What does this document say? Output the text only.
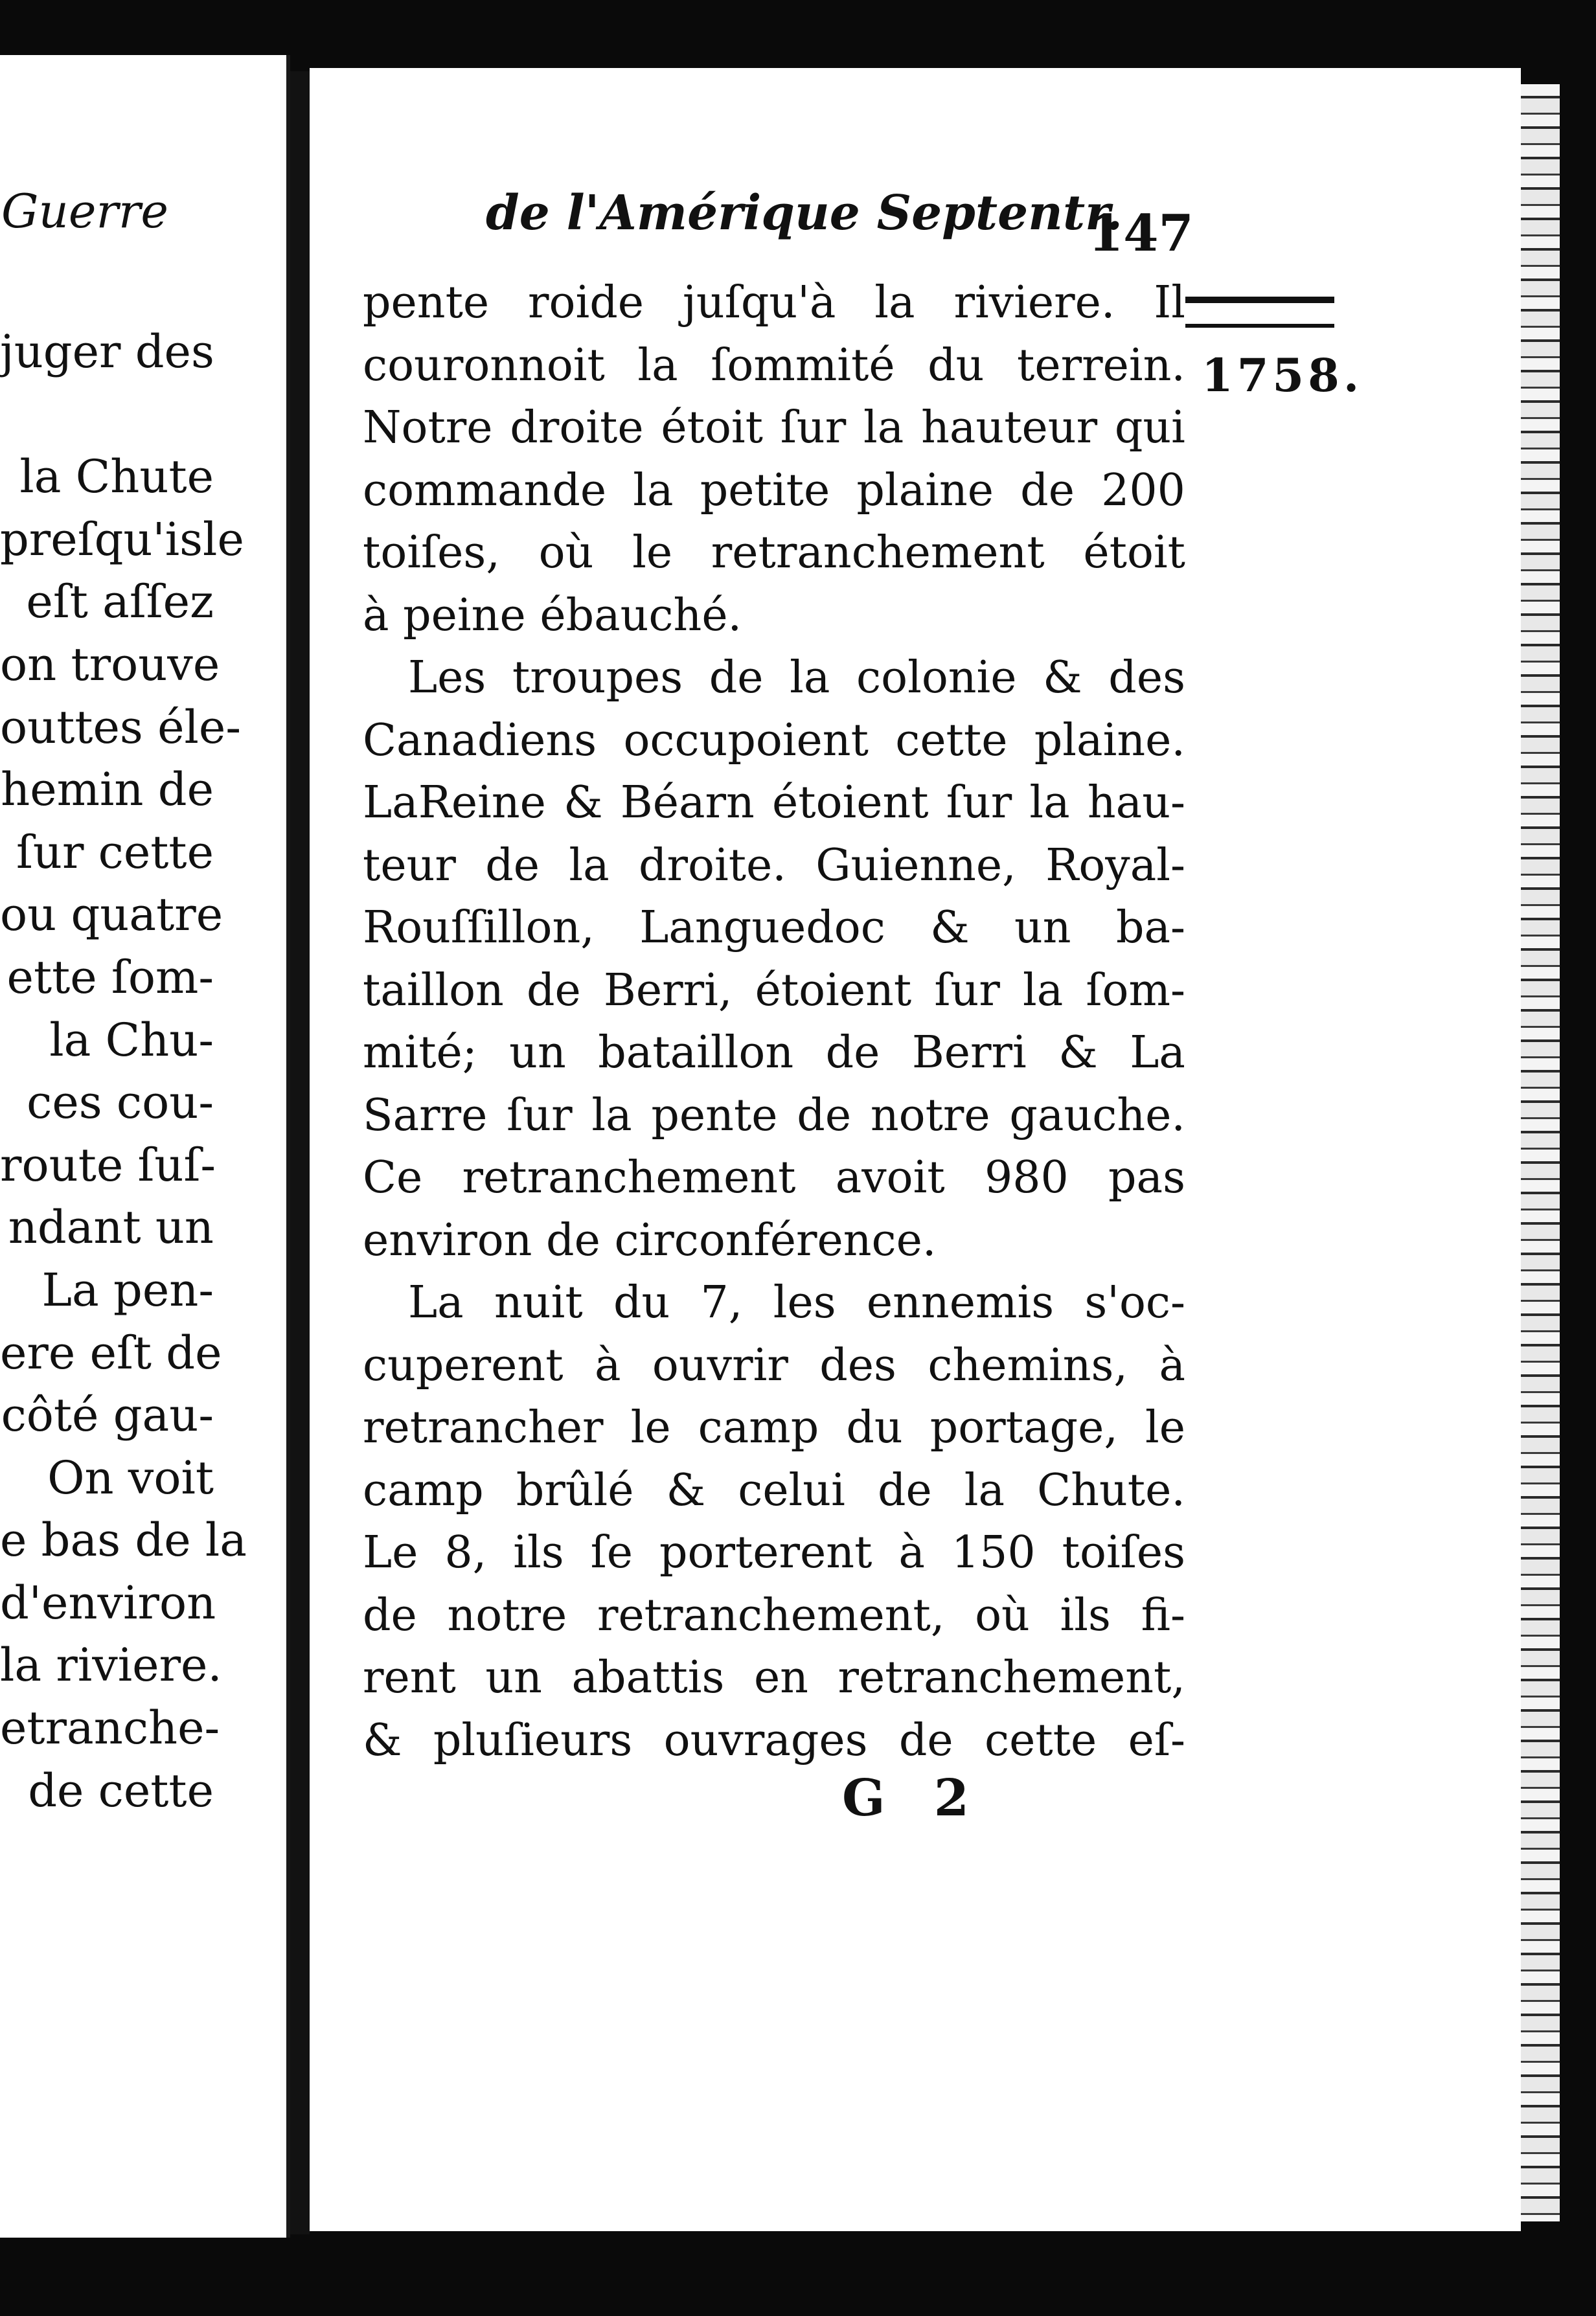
Guerre
juger des
la Chute
preſqu'isle
eſt aſſez
on trouve
outtes éle-
hemin de
ſur cette
ou quatre
ette ſom-
la Chu-
ces cou-
route ſuſ-
ndant un
La pen-
ere eſt de
côté gau-
On voit
e bas de la
d'environ
la riviere.
etranche-
de cette
de l'Amérique Septentr.
147
1758.
pente roide juſqu'à la riviere. Il
couronnoit la ſommité du terrein.
Notre droite étoit ſur la hauteur qui
commande la petite plaine de 200
toiſes, où le retranchement étoit
à peine ébauché.
Les troupes de la colonie & des
Canadiens occupoient cette plaine.
LaReine & Béarn étoient ſur la hau-
teur de la droite. Guienne, Royal-
Rouſſillon, Languedoc & un ba-
taillon de Berri, étoient ſur la ſom-
mité; un bataillon de Berri & La
Sarre ſur la pente de notre gauche.
Ce retranchement avoit 980 pas
environ de circonférence.
La nuit du 7, les ennemis s'oc-
cuperent à ouvrir des chemins, à
retrancher le camp du portage, le
camp brûlé & celui de la Chute.
Le 8, ils ſe porterent à 150 toiſes
de notre retranchement, où ils fi-
rent un abattis en retranchement,
& pluſieurs ouvrages de cette eſ-
G 2
